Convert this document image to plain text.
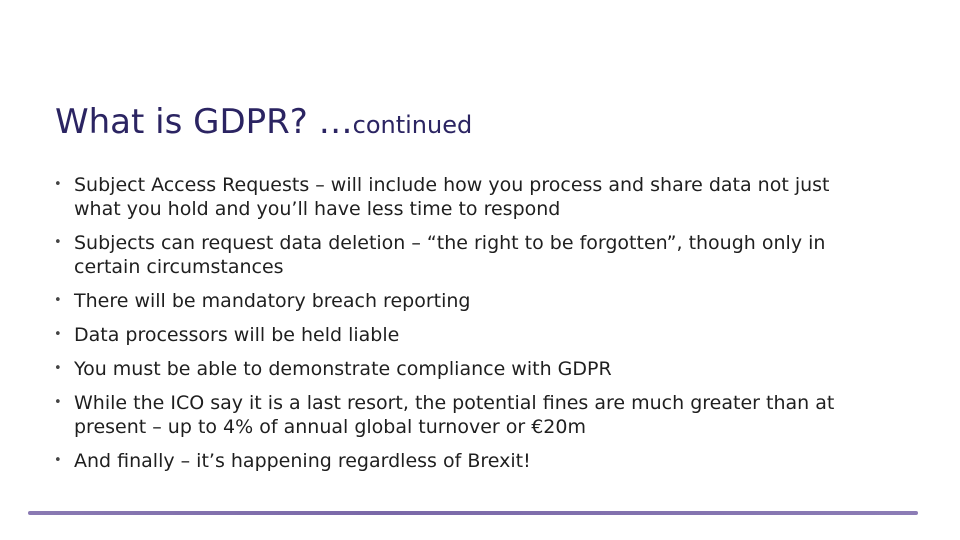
What is GDPR? …continued
• Subject Access Requests – will include how you process and share data not just what you hold and you’ll have less time to respond
• Subjects can request data deletion – “the right to be forgotten”, though only in certain circumstances
• There will be mandatory breach reporting
• Data processors will be held liable
• You must be able to demonstrate compliance with GDPR
• While the ICO say it is a last resort, the potential fines are much greater than at present – up to 4% of annual global turnover or €20m
• And finally – it’s happening regardless of Brexit!
